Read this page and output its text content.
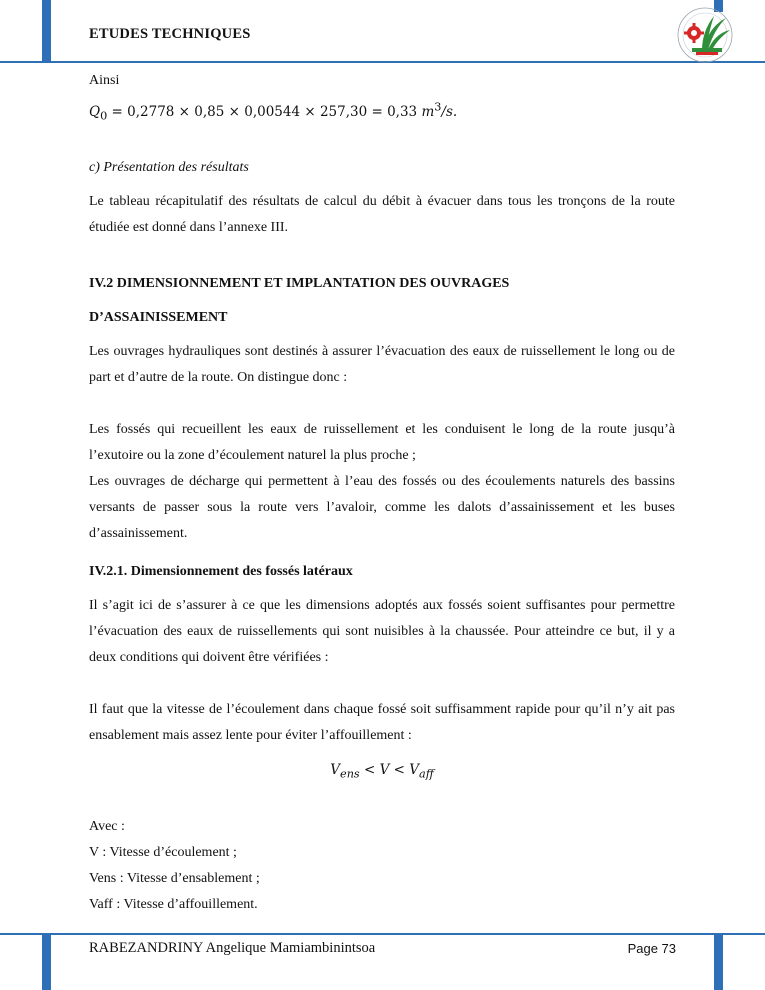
ETUDES TECHNIQUES

Ainsi

$Q_0 = 0,2778 \times 0,85 \times 0,00544 \times 257,30 = 0,33$ $m^3/s$.

c) Présentation des résultats

Le tableau récapitulatif des résultats de calcul du débit à évacuer dans tous les tronçons de la route étudiée est donné dans l’annexe III.

IV.2 DIMENSIONNEMENT ET IMPLANTATION DES OUVRAGES
D’ASSAINISSEMENT

Les ouvrages hydrauliques sont destinés à assurer l’évacuation des eaux de ruissellement le long ou de part et d’autre de la route. On distingue donc :

Les fossés qui recueillent les eaux de ruissellement et les conduisent le long de la route jusqu’à l’exutoire ou la zone d’écoulement naturel la plus proche ;

Les ouvrages de décharge qui permettent à l’eau des fossés ou des écoulements naturels des bassins versants de passer sous la route vers l’avaloir, comme les dalots d’assainissement et les buses d’assainissement.

IV.2.1. Dimensionnement des fossés latéraux

Il s’agit ici de s’assurer à ce que les dimensions adoptés aux fossés soient suffisantes pour permettre l’évacuation des eaux de ruissellements qui sont nuisibles à la chaussée. Pour atteindre ce but, il y a deux conditions qui doivent être vérifiées :

Il faut que la vitesse de l’écoulement dans chaque fossé soit suffisamment rapide pour qu’il n’y ait pas ensablement mais assez lente pour éviter l’affouillement :

$V_{ens} < V < V_{aff}$

Avec :

V : Vitesse d’écoulement ;

Vens : Vitesse d’ensablement ;

Vaff : Vitesse d’affouillement.

RABEZANDRINY Angelique Mamiambinintsoa	Page 73
